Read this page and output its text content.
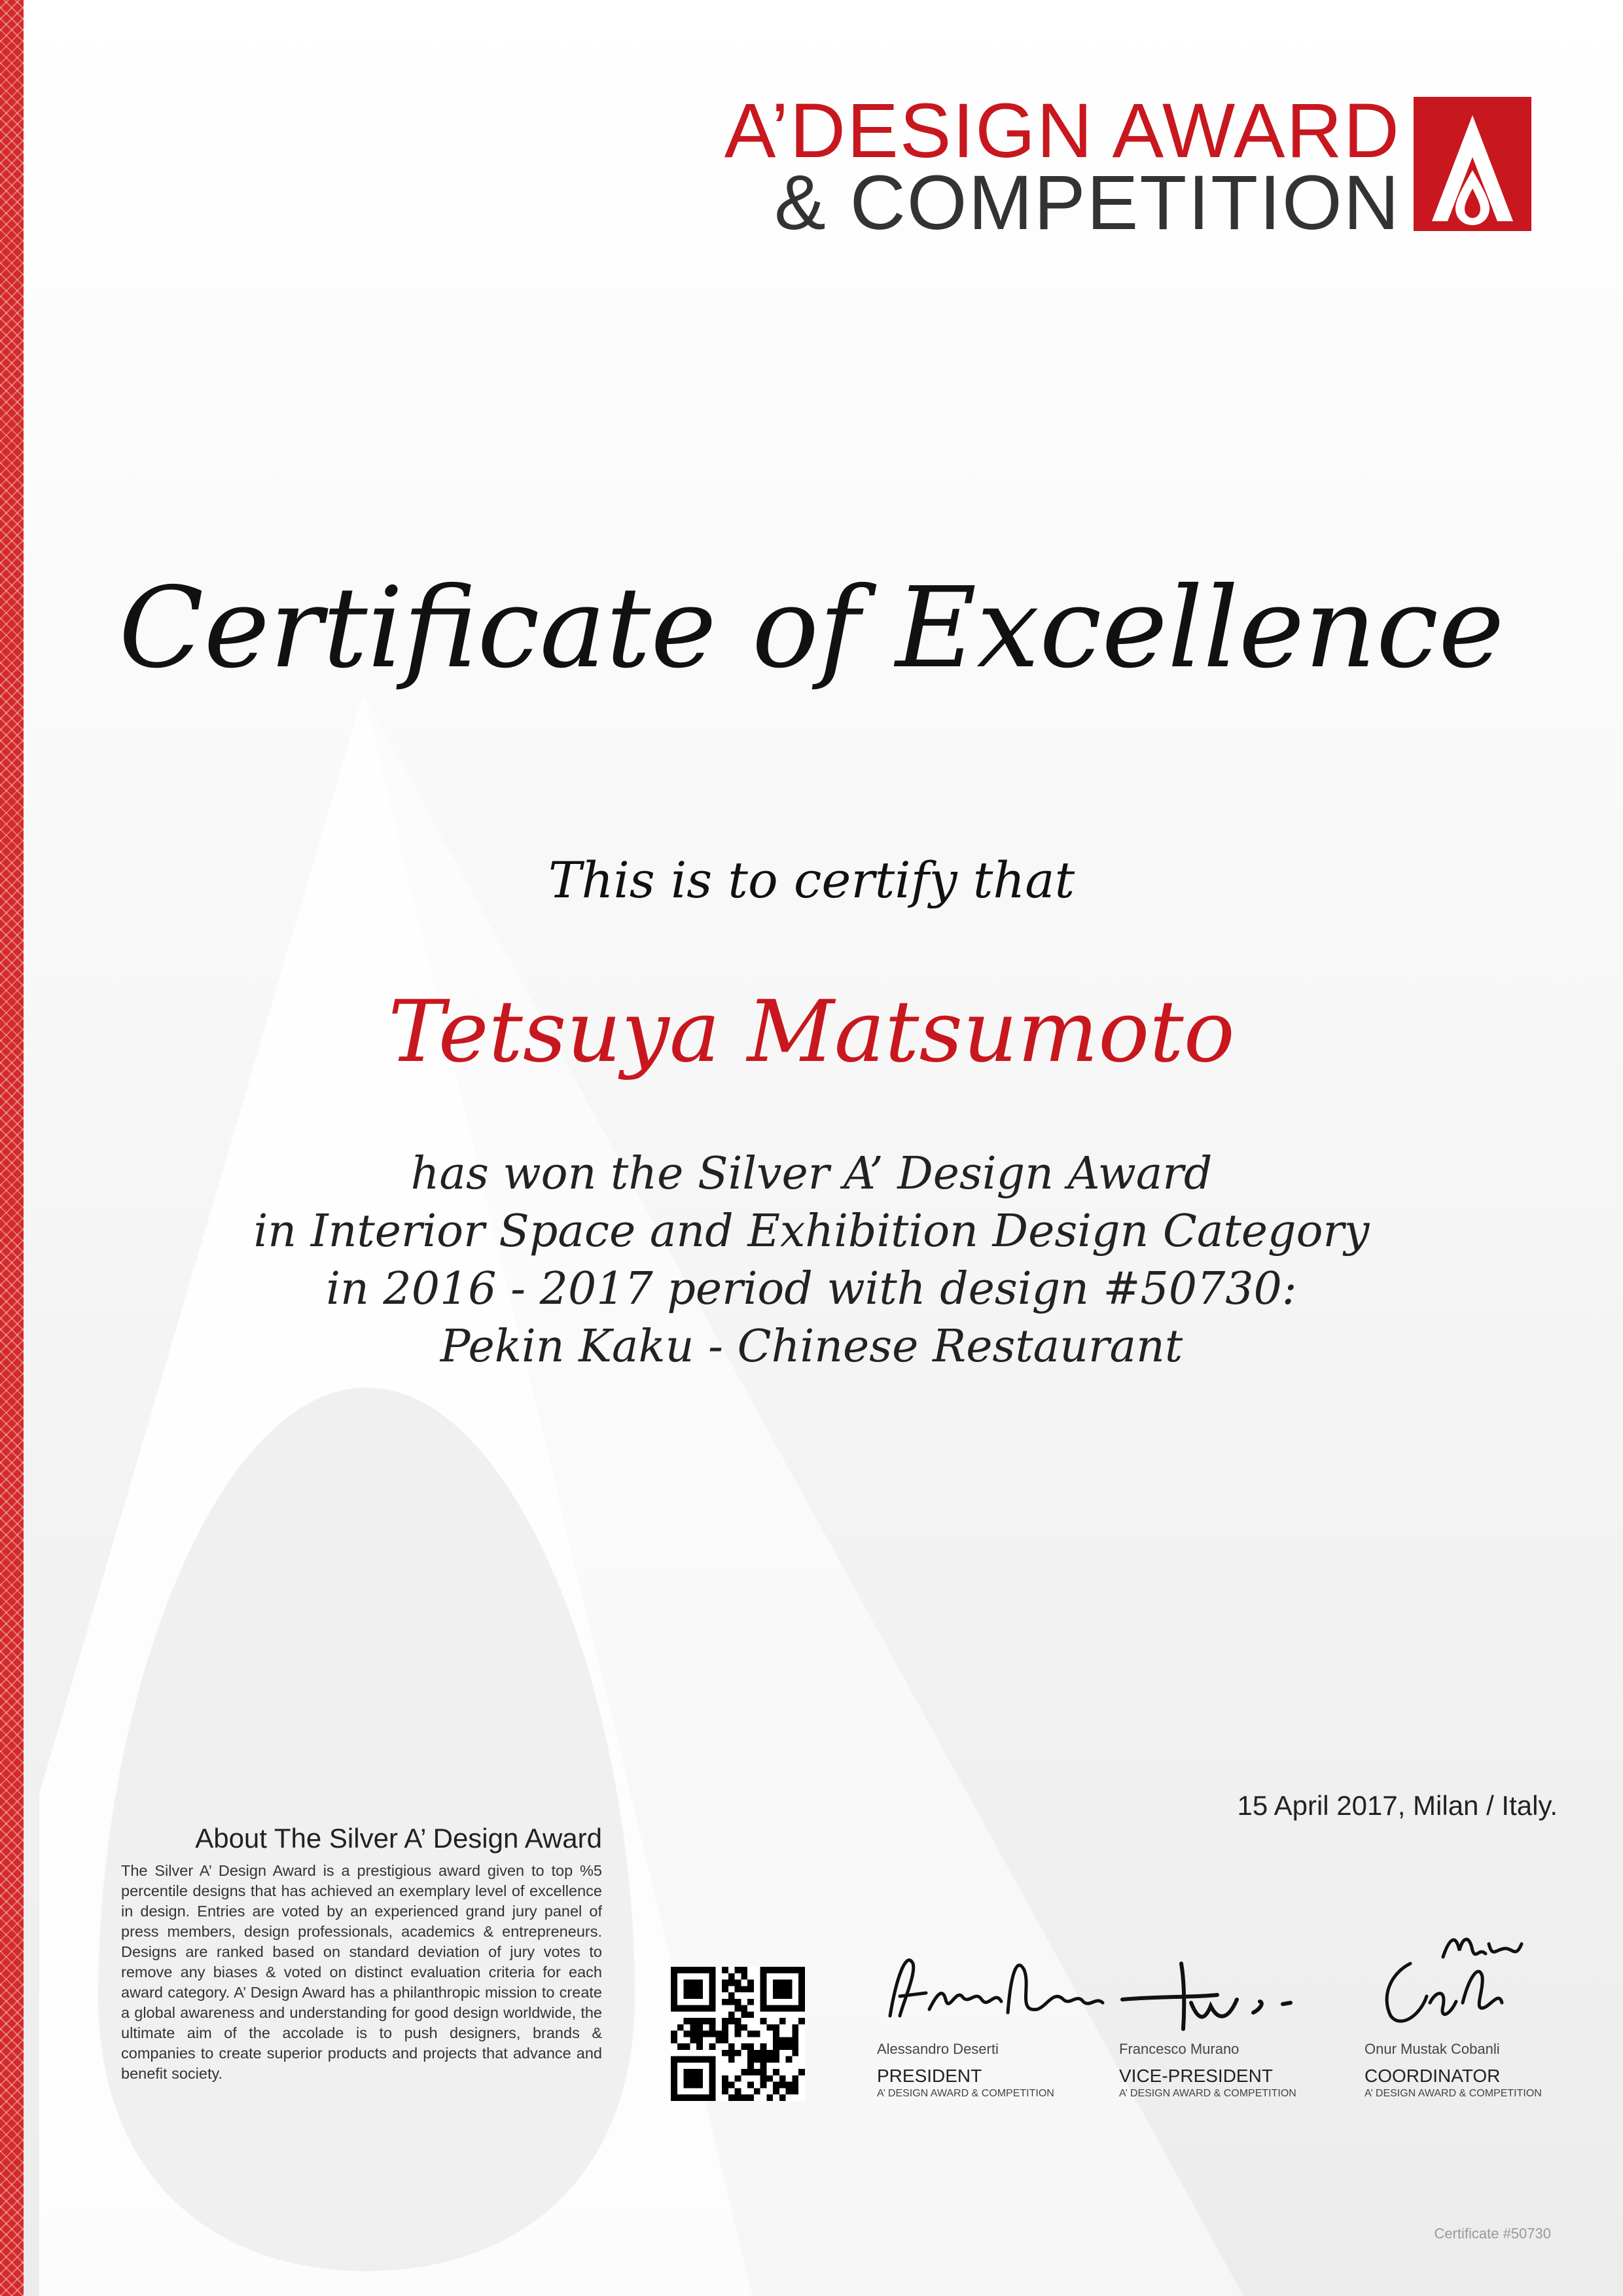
A’DESIGN AWARD
& COMPETITION
Certificate of Excellence
This is to certify that
Tetsuya Matsumoto
has won the Silver A’ Design Award
in Interior Space and Exhibition Design Category
in 2016 - 2017 period with design #50730:
Pekin Kaku - Chinese Restaurant
15 April 2017, Milan / Italy.
About The Silver A’ Design Award
The Silver A’ Design Award is a prestigious award given to top %5 percentile designs that has achieved an exemplary level of excellence in design. Entries are voted by an experienced grand jury panel of press members, design professionals, academics & entrepreneurs. Designs are ranked based on standard deviation of jury votes to remove any biases & voted on distinct evaluation criteria for each award category. A’ Design Award has a philanthropic mission to create a global awareness and understanding for good design worldwide, the ultimate aim of the accolade is to push designers, brands & companies to create superior products and projects that advance and benefit society.
Alessandro Deserti
PRESIDENT
A’ DESIGN AWARD & COMPETITION
Francesco Murano
VICE-PRESIDENT
A’ DESIGN AWARD & COMPETITION
Onur Mustak Cobanli
COORDINATOR
A’ DESIGN AWARD & COMPETITION
Certificate #50730
